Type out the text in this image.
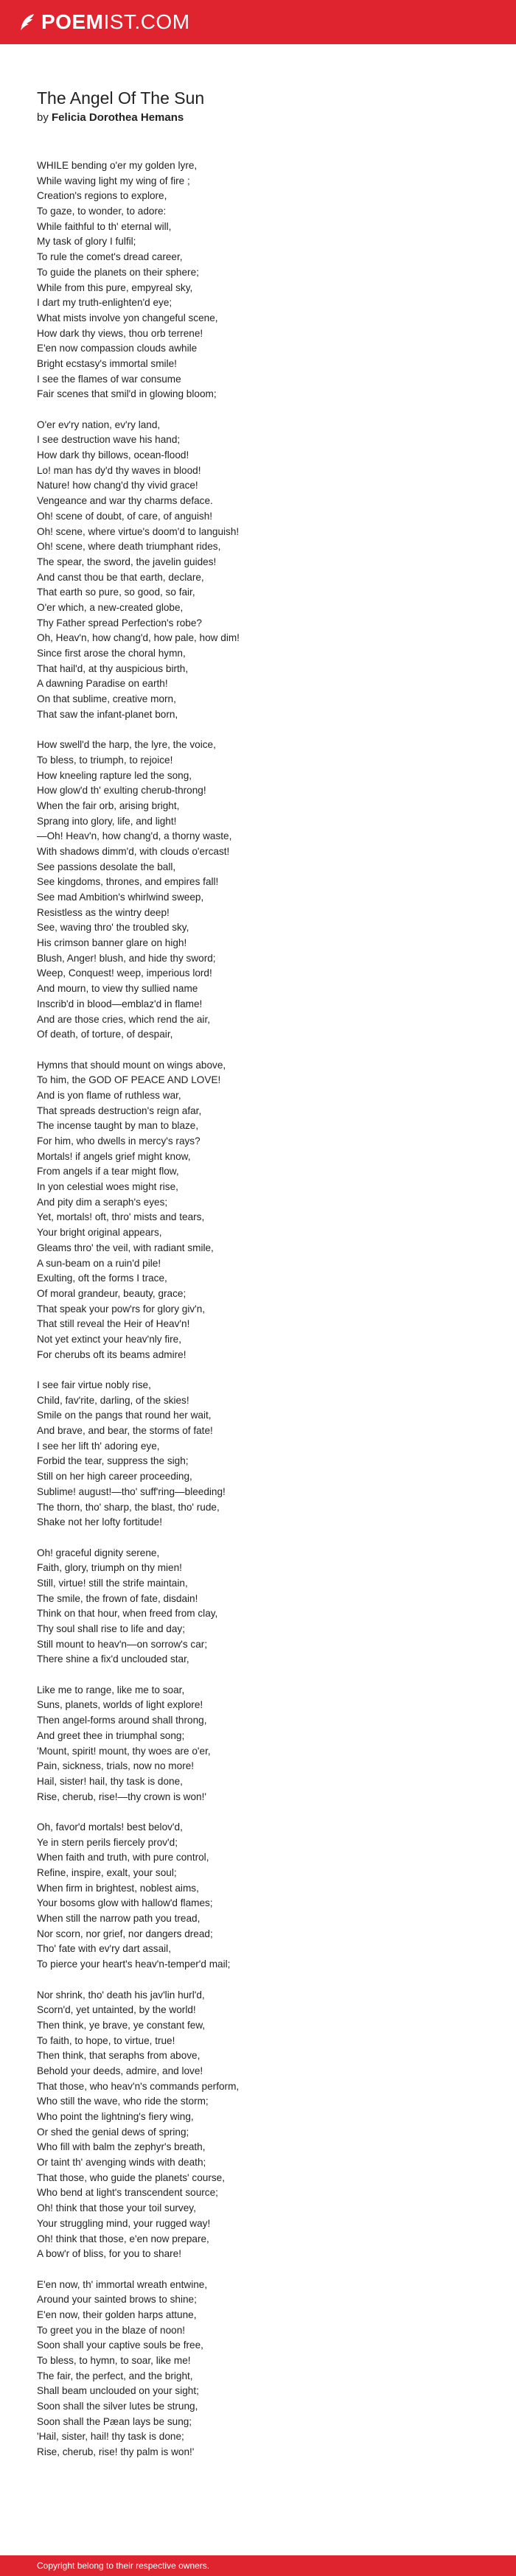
POEMIST.COM
The Angel Of The Sun
by Felicia Dorothea Hemans
WHILE bending o'er my golden lyre,
While waving light my wing of fire ;
Creation's regions to explore,
To gaze, to wonder, to adore:
While faithful to th' eternal will,
My task of glory I fulfil;
To rule the comet's dread career,
To guide the planets on their sphere;
While from this pure, empyreal sky,
I dart my truth-enlighten'd eye;
What mists involve yon changeful scene,
How dark thy views, thou orb terrene!
E'en now compassion clouds awhile
Bright ecstasy's immortal smile!
I see the flames of war consume
Fair scenes that smil'd in glowing bloom;
O'er ev'ry nation, ev'ry land,
I see destruction wave his hand;
How dark thy billows, ocean-flood!
Lo! man has dy'd thy waves in blood!
Nature! how chang'd thy vivid grace!
Vengeance and war thy charms deface.
Oh! scene of doubt, of care, of anguish!
Oh! scene, where virtue's doom'd to languish!
Oh! scene, where death triumphant rides,
The spear, the sword, the javelin guides!
And canst thou be that earth, declare,
That earth so pure, so good, so fair,
O'er which, a new-created globe,
Thy Father spread Perfection's robe?
Oh, Heav'n, how chang'd, how pale, how dim!
Since first arose the choral hymn,
That hail'd, at thy auspicious birth,
A dawning Paradise on earth!
On that sublime, creative morn,
That saw the infant-planet born,
How swell'd the harp, the lyre, the voice,
To bless, to triumph, to rejoice!
How kneeling rapture led the song,
How glow'd th' exulting cherub-throng!
When the fair orb, arising bright,
Sprang into glory, life, and light!
—Oh! Heav'n, how chang'd, a thorny waste,
With shadows dimm'd, with clouds o'ercast!
See passions desolate the ball,
See kingdoms, thrones, and empires fall!
See mad Ambition's whirlwind sweep,
Resistless as the wintry deep!
See, waving thro' the troubled sky,
His crimson banner glare on high!
Blush, Anger! blush, and hide thy sword;
Weep, Conquest! weep, imperious lord!
And mourn, to view thy sullied name
Inscrib'd in blood—emblaz'd in flame!
And are those cries, which rend the air,
Of death, of torture, of despair,
Hymns that should mount on wings above,
To him, the GOD OF PEACE AND LOVE!
And is yon flame of ruthless war,
That spreads destruction's reign afar,
The incense taught by man to blaze,
For him, who dwells in mercy's rays?
Mortals! if angels grief might know,
From angels if a tear might flow,
In yon celestial woes might rise,
And pity dim a seraph's eyes;
Yet, mortals! oft, thro' mists and tears,
Your bright original appears,
Gleams thro' the veil, with radiant smile,
A sun-beam on a ruin'd pile!
Exulting, oft the forms I trace,
Of moral grandeur, beauty, grace;
That speak your pow'rs for glory giv'n,
That still reveal the Heir of Heav'n!
Not yet extinct your heav'nly fire,
For cherubs oft its beams admire!
I see fair virtue nobly rise,
Child, fav'rite, darling, of the skies!
Smile on the pangs that round her wait,
And brave, and bear, the storms of fate!
I see her lift th' adoring eye,
Forbid the tear, suppress the sigh;
Still on her high career proceeding,
Sublime! august!—tho' suff'ring—bleeding!
The thorn, tho' sharp, the blast, tho' rude,
Shake not her lofty fortitude!
Oh! graceful dignity serene,
Faith, glory, triumph on thy mien!
Still, virtue! still the strife maintain,
The smile, the frown of fate, disdain!
Think on that hour, when freed from clay,
Thy soul shall rise to life and day;
Still mount to heav'n—on sorrow's car;
There shine a fix'd unclouded star,
Like me to range, like me to soar,
Suns, planets, worlds of light explore!
Then angel-forms around shall throng,
And greet thee in triumphal song;
'Mount, spirit! mount, thy woes are o'er,
Pain, sickness, trials, now no more!
Hail, sister! hail, thy task is done,
Rise, cherub, rise!—thy crown is won!'
Oh, favor'd mortals! best belov'd,
Ye in stern perils fiercely prov'd;
When faith and truth, with pure control,
Refine, inspire, exalt, your soul;
When firm in brightest, noblest aims,
Your bosoms glow with hallow'd flames;
When still the narrow path you tread,
Nor scorn, nor grief, nor dangers dread;
Tho' fate with ev'ry dart assail,
To pierce your heart's heav'n-temper'd mail;
Nor shrink, tho' death his jav'lin hurl'd,
Scorn'd, yet untainted, by the world!
Then think, ye brave, ye constant few,
To faith, to hope, to virtue, true!
Then think, that seraphs from above,
Behold your deeds, admire, and love!
That those, who heav'n's commands perform,
Who still the wave, who ride the storm;
Who point the lightning's fiery wing,
Or shed the genial dews of spring;
Who fill with balm the zephyr's breath,
Or taint th' avenging winds with death;
That those, who guide the planets' course,
Who bend at light's transcendent source;
Oh! think that those your toil survey,
Your struggling mind, your rugged way!
Oh! think that those, e'en now prepare,
A bow'r of bliss, for you to share!
E'en now, th' immortal wreath entwine,
Around your sainted brows to shine;
E'en now, their golden harps attune,
To greet you in the blaze of noon!
Soon shall your captive souls be free,
To bless, to hymn, to soar, like me!
The fair, the perfect, and the bright,
Shall beam unclouded on your sight;
Soon shall the silver lutes be strung,
Soon shall the Pæan lays be sung;
'Hail, sister, hail! thy task is done;
Rise, cherub, rise! thy palm is won!'
Copyright belong to their respective owners.
